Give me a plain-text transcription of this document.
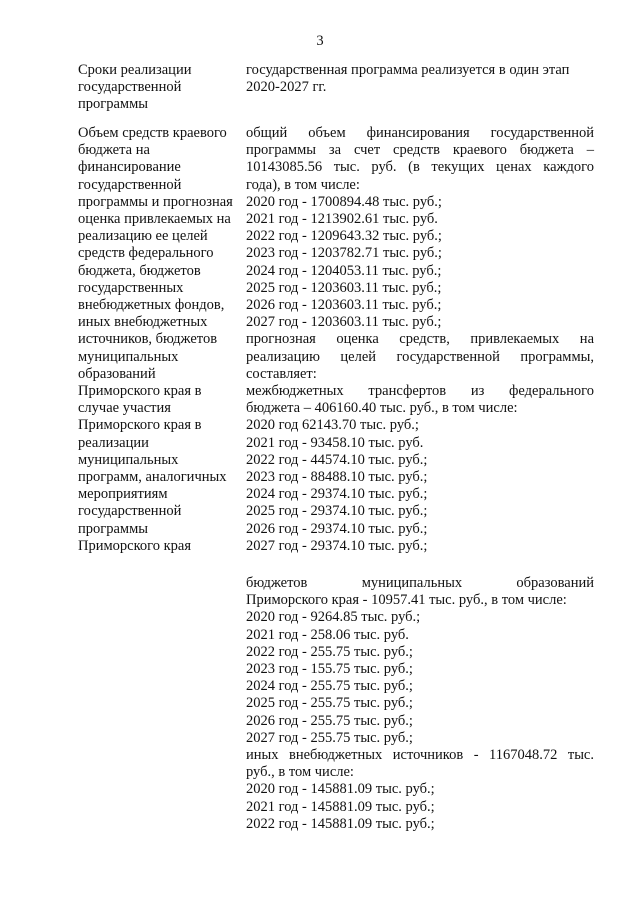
3
Сроки реализации
государственной
программы
государственная программа реализуется в один этап
2020-2027 гг.
Объем средств краевого
бюджета на
финансирование
государственной
программы и прогнозная
оценка привлекаемых на
реализацию ее целей
средств федерального
бюджета, бюджетов
государственных
внебюджетных фондов,
иных внебюджетных
источников, бюджетов
муниципальных
образований
Приморского края в
случае участия
Приморского края в
реализации
муниципальных
программ, аналогичных
мероприятиям
государственной
программы
Приморского края
общий объем финансирования государственной
программы за счет средств краевого бюджета –
10143085.56 тыс. руб. (в текущих ценах каждого
года), в том числе:
2020 год - 1700894.48 тыс. руб.;
2021 год - 1213902.61 тыс. руб.
2022 год - 1209643.32 тыс. руб.;
2023 год - 1203782.71 тыс. руб.;
2024 год - 1204053.11 тыс. руб.;
2025 год - 1203603.11 тыс. руб.;
2026 год - 1203603.11 тыс. руб.;
2027 год - 1203603.11 тыс. руб.;
прогнозная оценка средств, привлекаемых на
реализацию целей государственной программы,
составляет:
межбюджетных трансфертов из федерального
бюджета – 406160.40 тыс. руб., в том числе:
2020 год 62143.70 тыс. руб.;
2021 год - 93458.10 тыс. руб.
2022 год - 44574.10 тыс. руб.;
2023 год - 88488.10 тыс. руб.;
2024 год - 29374.10 тыс. руб.;
2025 год - 29374.10 тыс. руб.;
2026 год - 29374.10 тыс. руб.;
2027 год - 29374.10 тыс. руб.;
бюджетов муниципальных образований
Приморского края - 10957.41 тыс. руб., в том числе:
2020 год - 9264.85 тыс. руб.;
2021 год - 258.06 тыс. руб.
2022 год - 255.75 тыс. руб.;
2023 год - 155.75 тыс. руб.;
2024 год - 255.75 тыс. руб.;
2025 год - 255.75 тыс. руб.;
2026 год - 255.75 тыс. руб.;
2027 год - 255.75 тыс. руб.;
иных внебюджетных источников - 1167048.72 тыс.
руб., в том числе:
2020 год - 145881.09 тыс. руб.;
2021 год - 145881.09 тыс. руб.;
2022 год - 145881.09 тыс. руб.;
